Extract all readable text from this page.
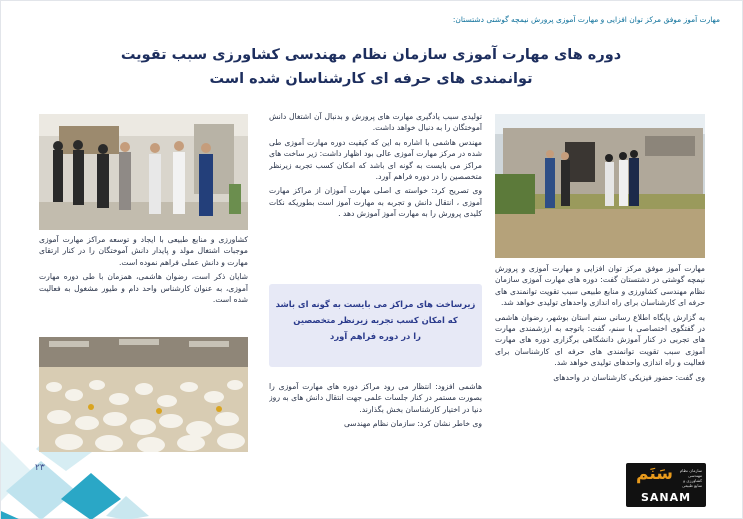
مهارت آموز موفق مرکز توان افزایی و مهارت آموزی پرورش نیمچه گوشتی دشتستان:
دوره های مهارت آموزی سازمان نظام مهندسی کشاورزی سبب تقویت
توانمندی های حرفه ای کارشناسان شده است

مهارت آموز موفق مرکز توان افزایی و مهارت آموزی و پرورش نیمچه گوشتی در دشتستان گفت: دوره های مهارت آموزی سازمان نظام مهندسی کشاورزی و منابع طبیعی سبب تقویت توانمندی های حرفه ای کارشناسان برای راه اندازی واحدهای تولیدی خواهد شد.

به گزارش پایگاه اطلاع رسانی سنم استان بوشهر، رضوان هاشمی در گفتگوی اختصاصی با سنم، گفت: باتوجه به ارزشمندی مهارت های تجربی در کنار آموزش دانشگاهی برگزاری دوره های مهارت آموزی سبب تقویت توانمندی های حرفه ای کارشناسان برای فعالیت و راه اندازی واحدهای تولیدی خواهد شد.

وی گفت: حضور فیزیکی کارشناسان در واحدهای

تولیدی سبب یادگیری مهارت های پرورش و بدنبال آن اشتغال دانش آموختگان را به دنبال خواهد داشت.

مهندس هاشمی با اشاره به این که کیفیت دوره مهارت آموزی طی شده در مرکز مهارت آموزی عالی بود اظهار داشت: زیر ساخت های مراکز می بایست به گونه ای باشد که امکان کسب تجربه زیرنظر متخصصین را در دوره فراهم آورد.

وی تصریح کرد: خواسته ی اصلی مهارت آموزان از مراکز مهارت آموزی ، انتقال دانش و تجربه به مهارت آموز است بطوریکه نکات کلیدی پرورش را به مهارت آموز آموزش دهد .

زیرساخت های مراکز می بایست به گونه ای باشد
که امکان کسب تجربه زیرنظر متخصصین
را در دوره فراهم آورد

هاشمی افزود: انتظار می رود مراکز دوره های مهارت آموزی را بصورت مستمر در کنار جلسات علمی جهت انتقال دانش های به روز دنیا در اختیار کارشناسان بخش بگذارند.

وی خاطر نشان کرد: سازمان نظام مهندسی

کشاورزی و منابع طبیعی با ایجاد و توسعه مراکز مهارت آموزی موجبات اشتغال مولد و پایدار دانش آموختگان را در کنار ارتقای مهارت و دانش عملی فراهم نموده است.

شایان ذکر است، رضوان هاشمی، همزمان با طی دوره مهارت آموزی، به عنوان کارشناس واحد دام و طیور مشغول به فعالیت شده است.

۲۳	سَنَم	سازمان نظام مهندسی کشاورزی و منابع طبیعی
SANAM
